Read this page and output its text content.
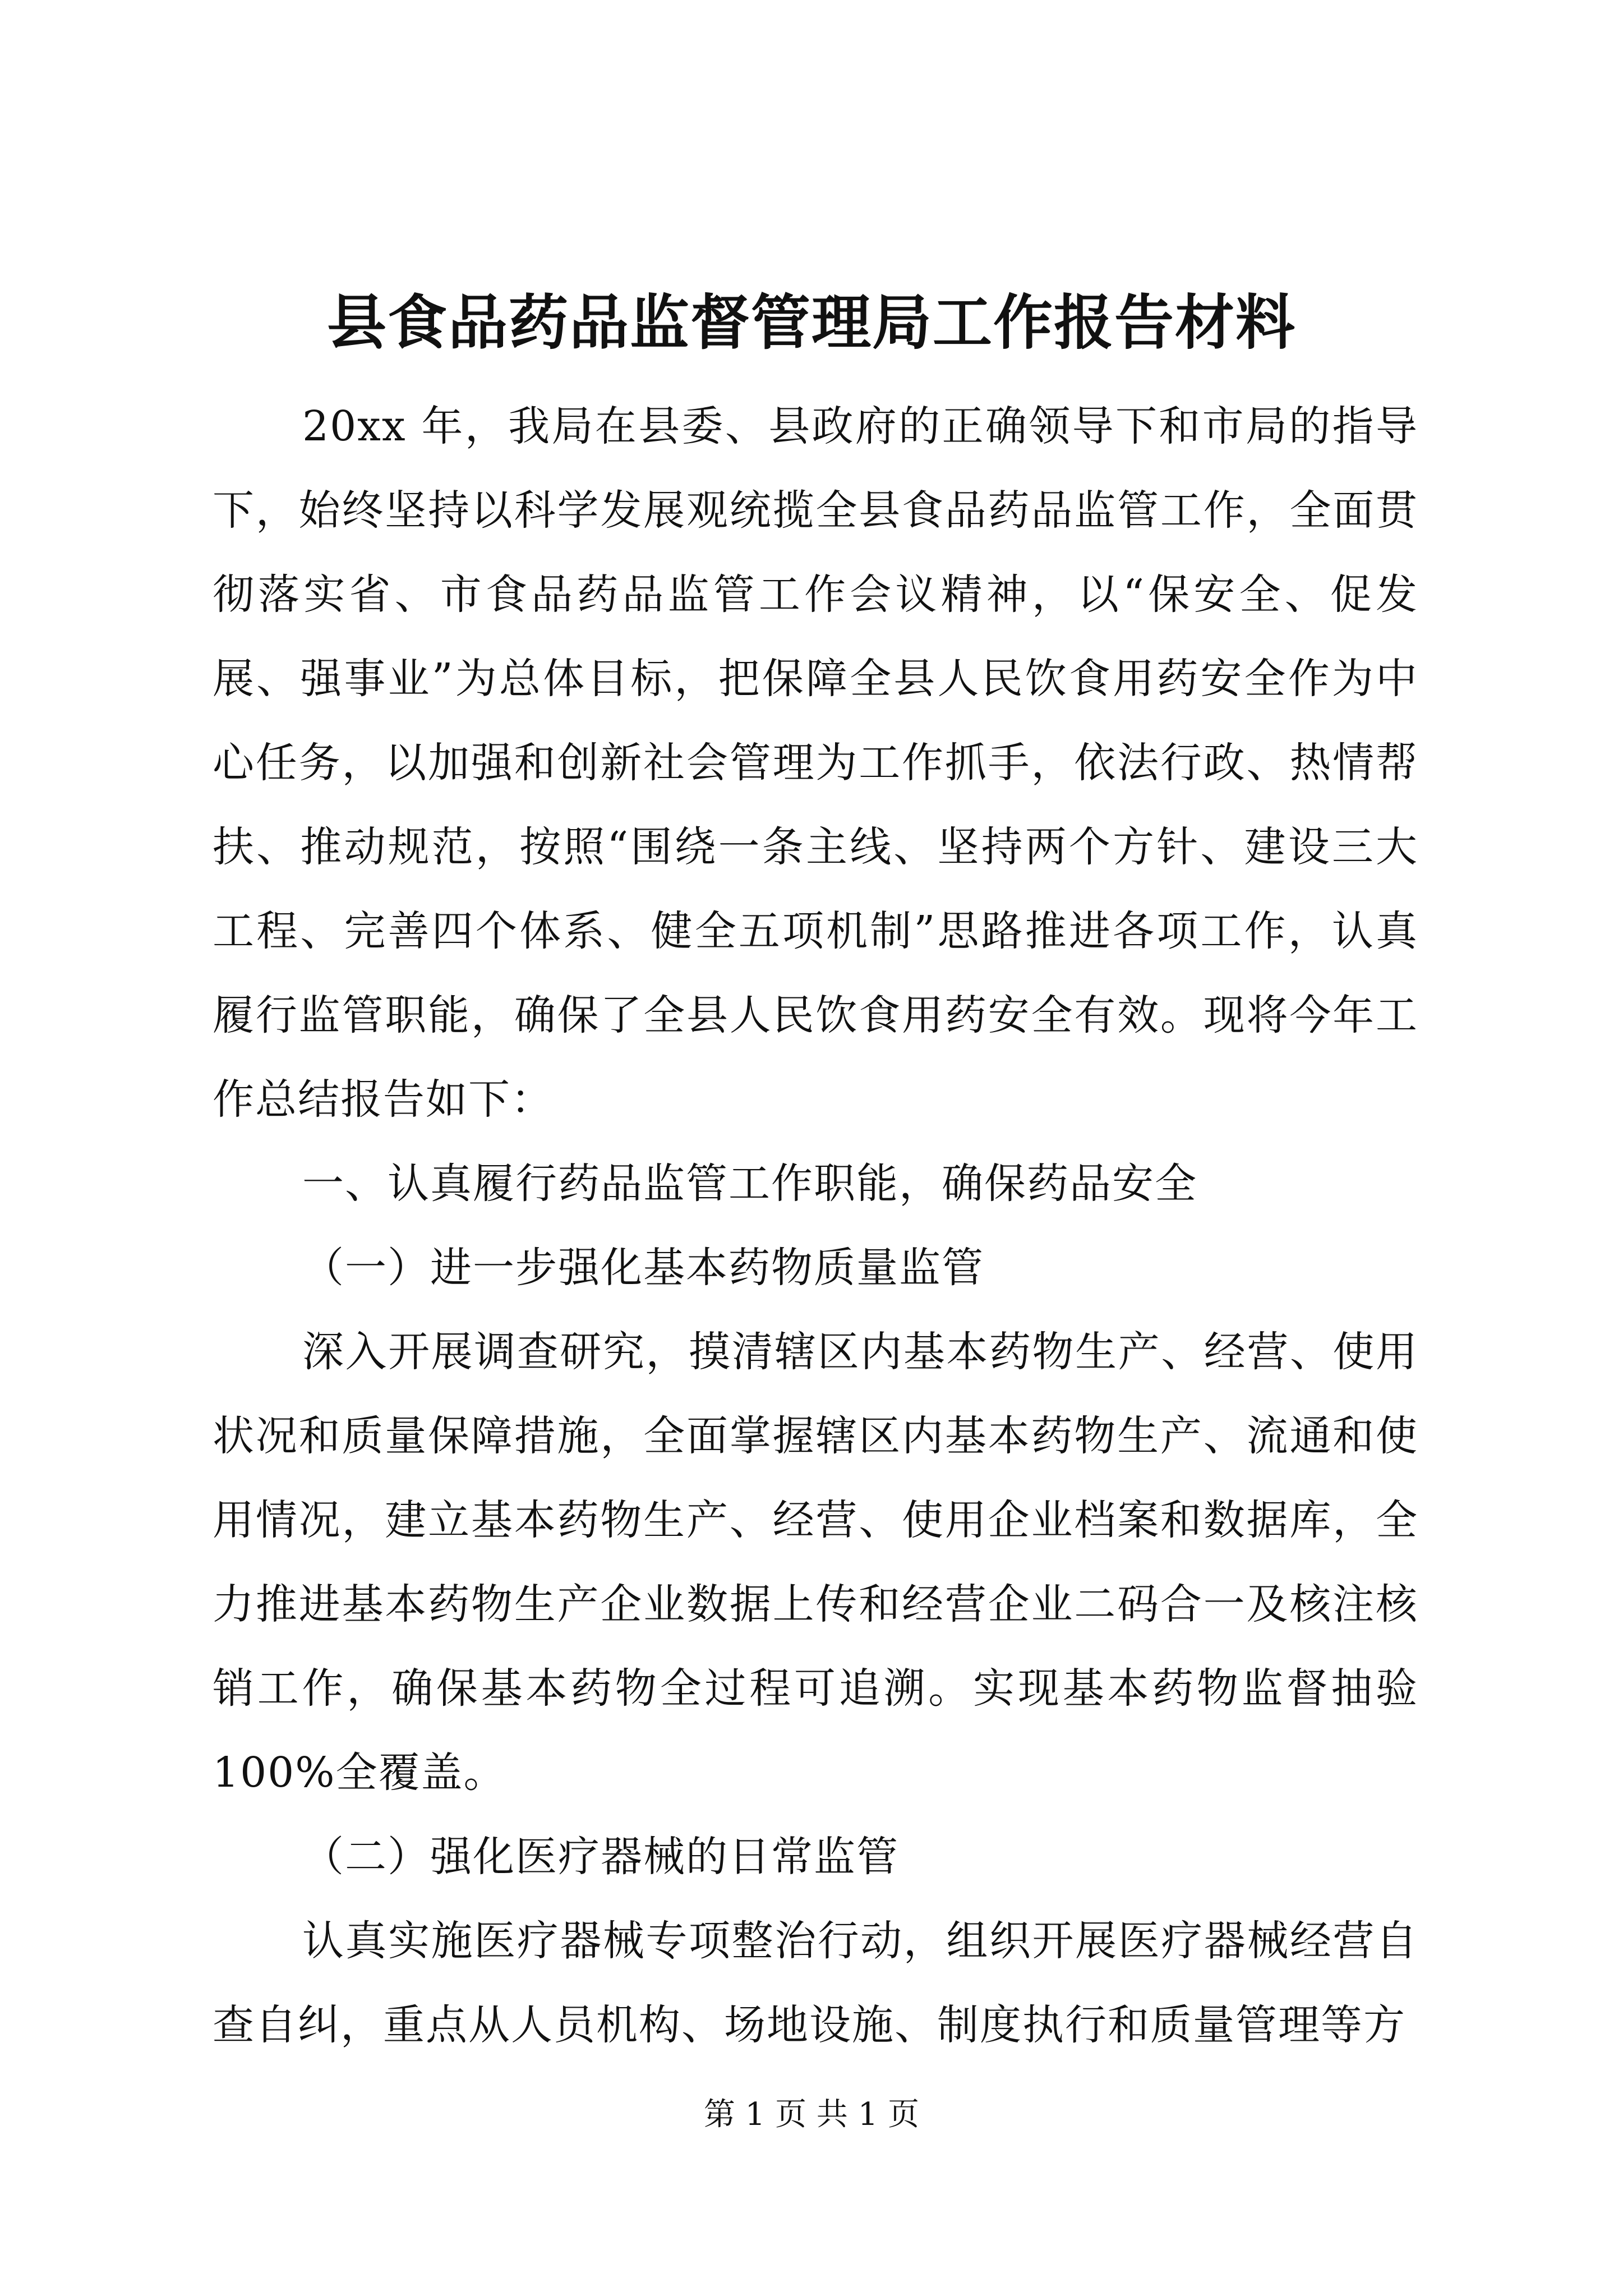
县食品药品监督管理局工作报告材料

20xx 年，我局在县委、县政府的正确领导下和市局的指导下，始终坚持以科学发展观统揽全县食品药品监管工作，全面贯彻落实省、市食品药品监管工作会议精神，以“保安全、促发展、强事业”为总体目标，把保障全县人民饮食用药安全作为中心任务，以加强和创新社会管理为工作抓手，依法行政、热情帮扶、推动规范，按照“围绕一条主线、坚持两个方针、建设三大工程、完善四个体系、健全五项机制”思路推进各项工作，认真履行监管职能，确保了全县人民饮食用药安全有效。现将今年工作总结报告如下：

一、认真履行药品监管工作职能，确保药品安全

（一）进一步强化基本药物质量监管

深入开展调查研究，摸清辖区内基本药物生产、经营、使用状况和质量保障措施，全面掌握辖区内基本药物生产、流通和使用情况，建立基本药物生产、经营、使用企业档案和数据库，全力推进基本药物生产企业数据上传和经营企业二码合一及核注核销工作，确保基本药物全过程可追溯。实现基本药物监督抽验100%全覆盖。

（二）强化医疗器械的日常监管

认真实施医疗器械专项整治行动，组织开展医疗器械经营自查自纠，重点从人员机构、场地设施、制度执行和质量管理等方

第 1 页 共 1 页
